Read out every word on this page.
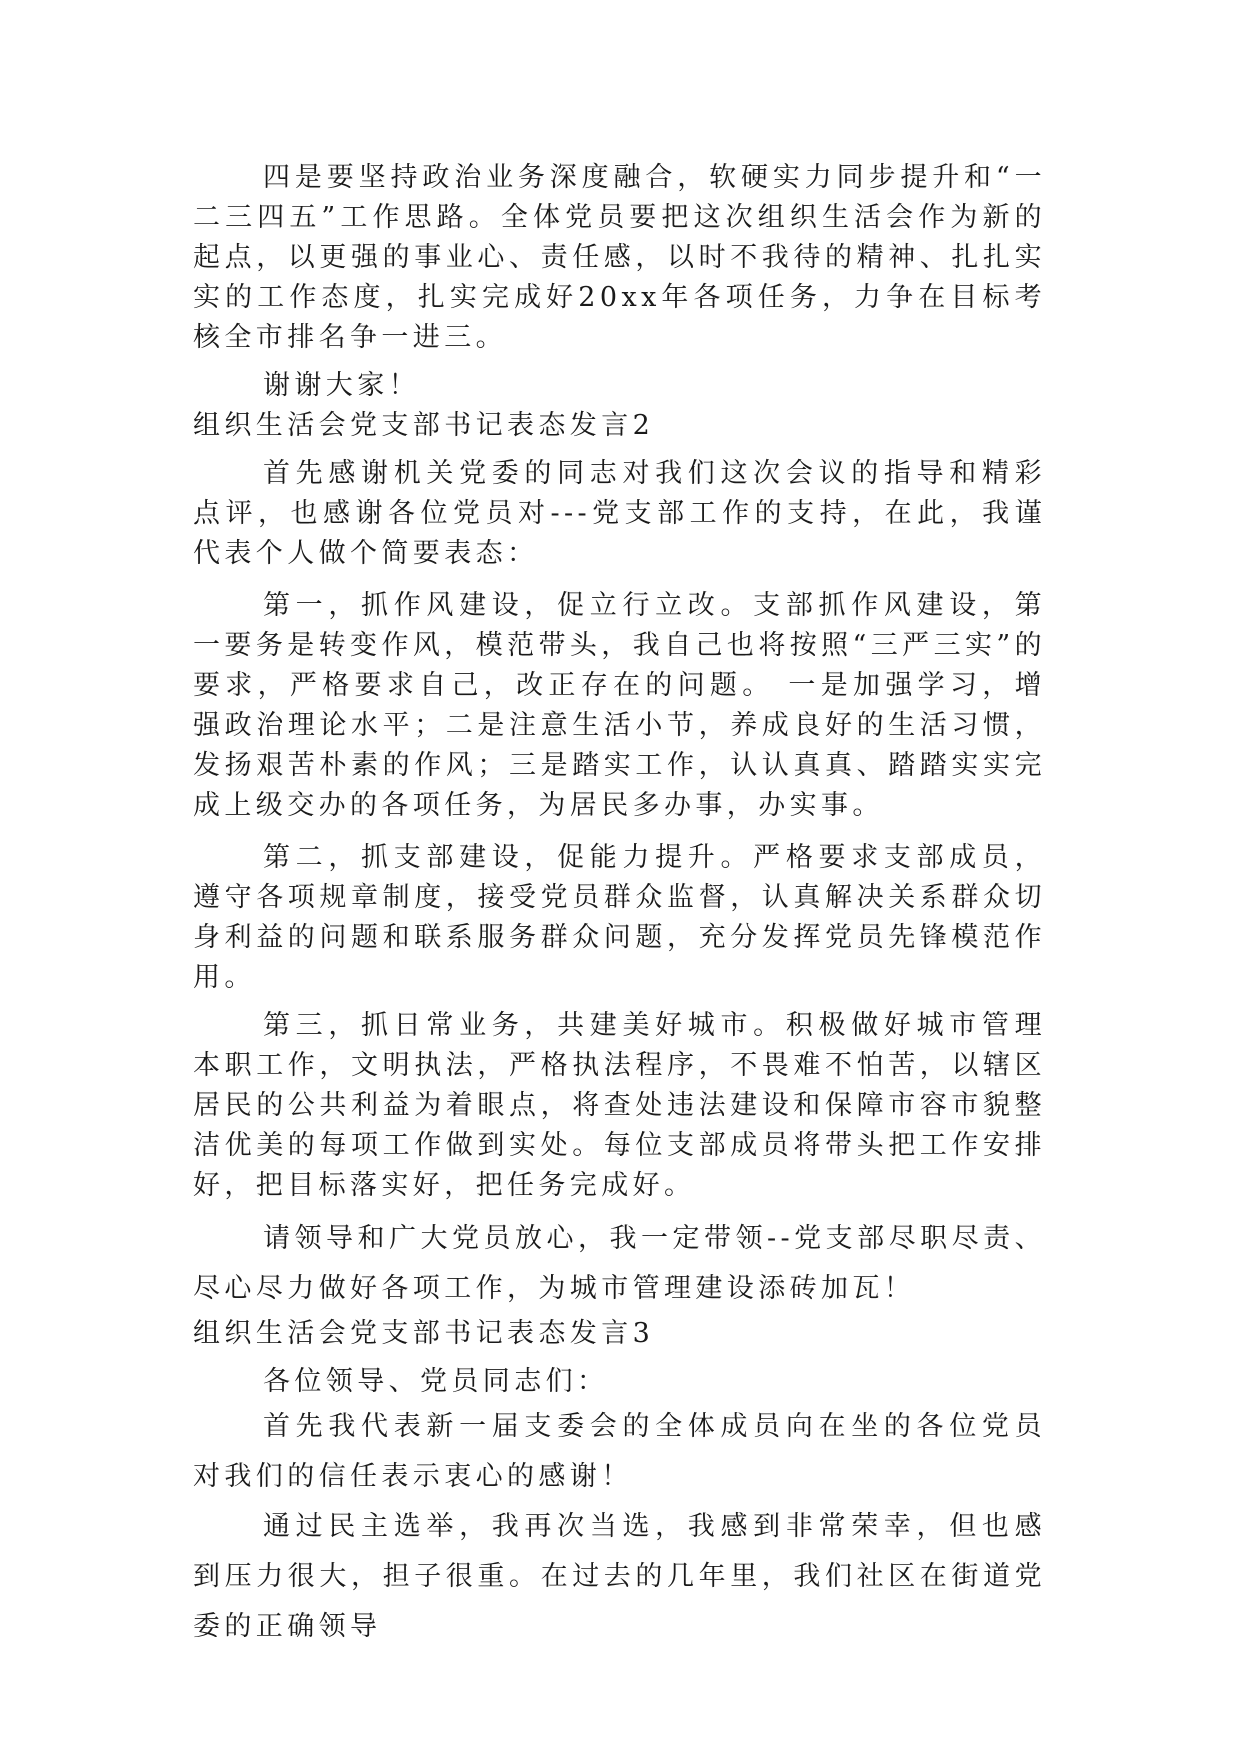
四是要坚持政治业务深度融合，软硬实力同步提升和“一二三四五”工作思路。全体党员要把这次组织生活会作为新的起点，以更强的事业心、责任感，以时不我待的精神、扎扎实实的工作态度，扎实完成好20xx年各项任务，力争在目标考核全市排名争一进三。

谢谢大家！

组织生活会党支部书记表态发言2

首先感谢机关党委的同志对我们这次会议的指导和精彩点评，也感谢各位党员对---党支部工作的支持，在此，我谨代表个人做个简要表态：

第一，抓作风建设，促立行立改。支部抓作风建设，第一要务是转变作风，模范带头，我自己也将按照“三严三实”的要求，严格要求自己，改正存在的问题。 一是加强学习，增强政治理论水平；二是注意生活小节，养成良好的生活习惯，发扬艰苦朴素的作风；三是踏实工作，认认真真、踏踏实实完成上级交办的各项任务，为居民多办事，办实事。

第二，抓支部建设，促能力提升。严格要求支部成员，遵守各项规章制度，接受党员群众监督，认真解决关系群众切身利益的问题和联系服务群众问题，充分发挥党员先锋模范作用。

第三，抓日常业务，共建美好城市。积极做好城市管理本职工作，文明执法，严格执法程序，不畏难不怕苦，以辖区居民的公共利益为着眼点，将查处违法建设和保障市容市貌整洁优美的每项工作做到实处。每位支部成员将带头把工作安排好，把目标落实好，把任务完成好。

请领导和广大党员放心，我一定带领--党支部尽职尽责、尽心尽力做好各项工作，为城市管理建设添砖加瓦！

组织生活会党支部书记表态发言3

各位领导、党员同志们：

首先我代表新一届支委会的全体成员向在坐的各位党员对我们的信任表示衷心的感谢！

通过民主选举，我再次当选，我感到非常荣幸，但也感到压力很大，担子很重。在过去的几年里，我们社区在街道党委的正确领导
